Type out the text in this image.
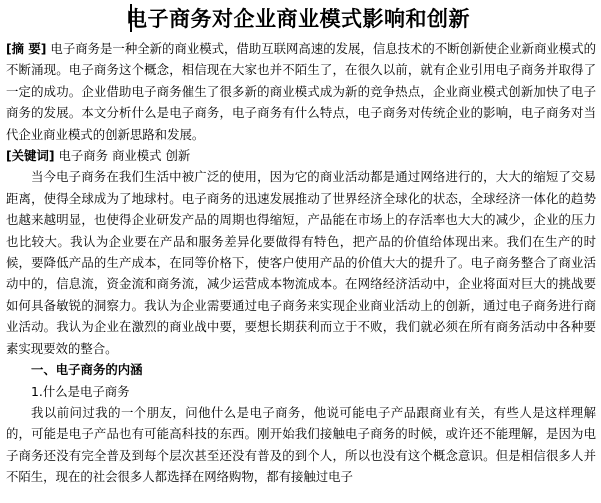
电子商务对企业商业模式影响和创新

[摘 要] 电子商务是一种全新的商业模式，借助互联网高速的发展，信息技术的不断创新使企业新商业模式的不断涌现。电子商务这个概念，相信现在大家也并不陌生了，在很久以前，就有企业引用电子商务并取得了一定的成功。企业借助电子商务催生了很多新的商业模式成为新的竞争热点，企业商业模式创新加快了电子商务的发展。本文分析什么是电子商务，电子商务有什么特点，电子商务对传统企业的影响，电子商务对当代企业商业模式的创新思路和发展。

[关键词] 电子商务 商业模式 创新

当今电子商务在我们生活中被广泛的使用，因为它的商业活动都是通过网络进行的，大大的缩短了交易距离，使得全球成为了地球村。电子商务的迅速发展推动了世界经济全球化的状态，全球经济一体化的趋势也越来越明显，也使得企业研发产品的周期也得缩短，产品能在市场上的存活率也大大的减少，企业的压力也比较大。我认为企业要在产品和服务差异化要做得有特色，把产品的价值给体现出来。我们在生产的时候，要降低产品的生产成本，在同等价格下，使客户使用产品的价值大大的提升了。电子商务整合了商业活动中的，信息流，资金流和商务流，减少运营成本物流成本。在网络经济活动中，企业将面对巨大的挑战要如何具备敏锐的洞察力。我认为企业需要通过电子商务来实现企业商业活动上的创新，通过电子商务进行商业活动。我认为企业在激烈的商业战中要，要想长期获利而立于不败，我们就必须在所有商务活动中各种要素实现要效的整合。

一、电子商务的内涵

1.什么是电子商务

我以前问过我的一个朋友，问他什么是电子商务，他说可能电子产品跟商业有关，有些人是这样理解的，可能是电子产品也有可能高科技的东西。刚开始我们接触电子商务的时候，或许还不能理解，是因为电子商务还没有完全普及到每个层次甚至还没有普及的到个人，所以也没有这个概念意识。但是相信很多人并不陌生，现在的社会很多人都选择在网络购物，都有接触过电子
